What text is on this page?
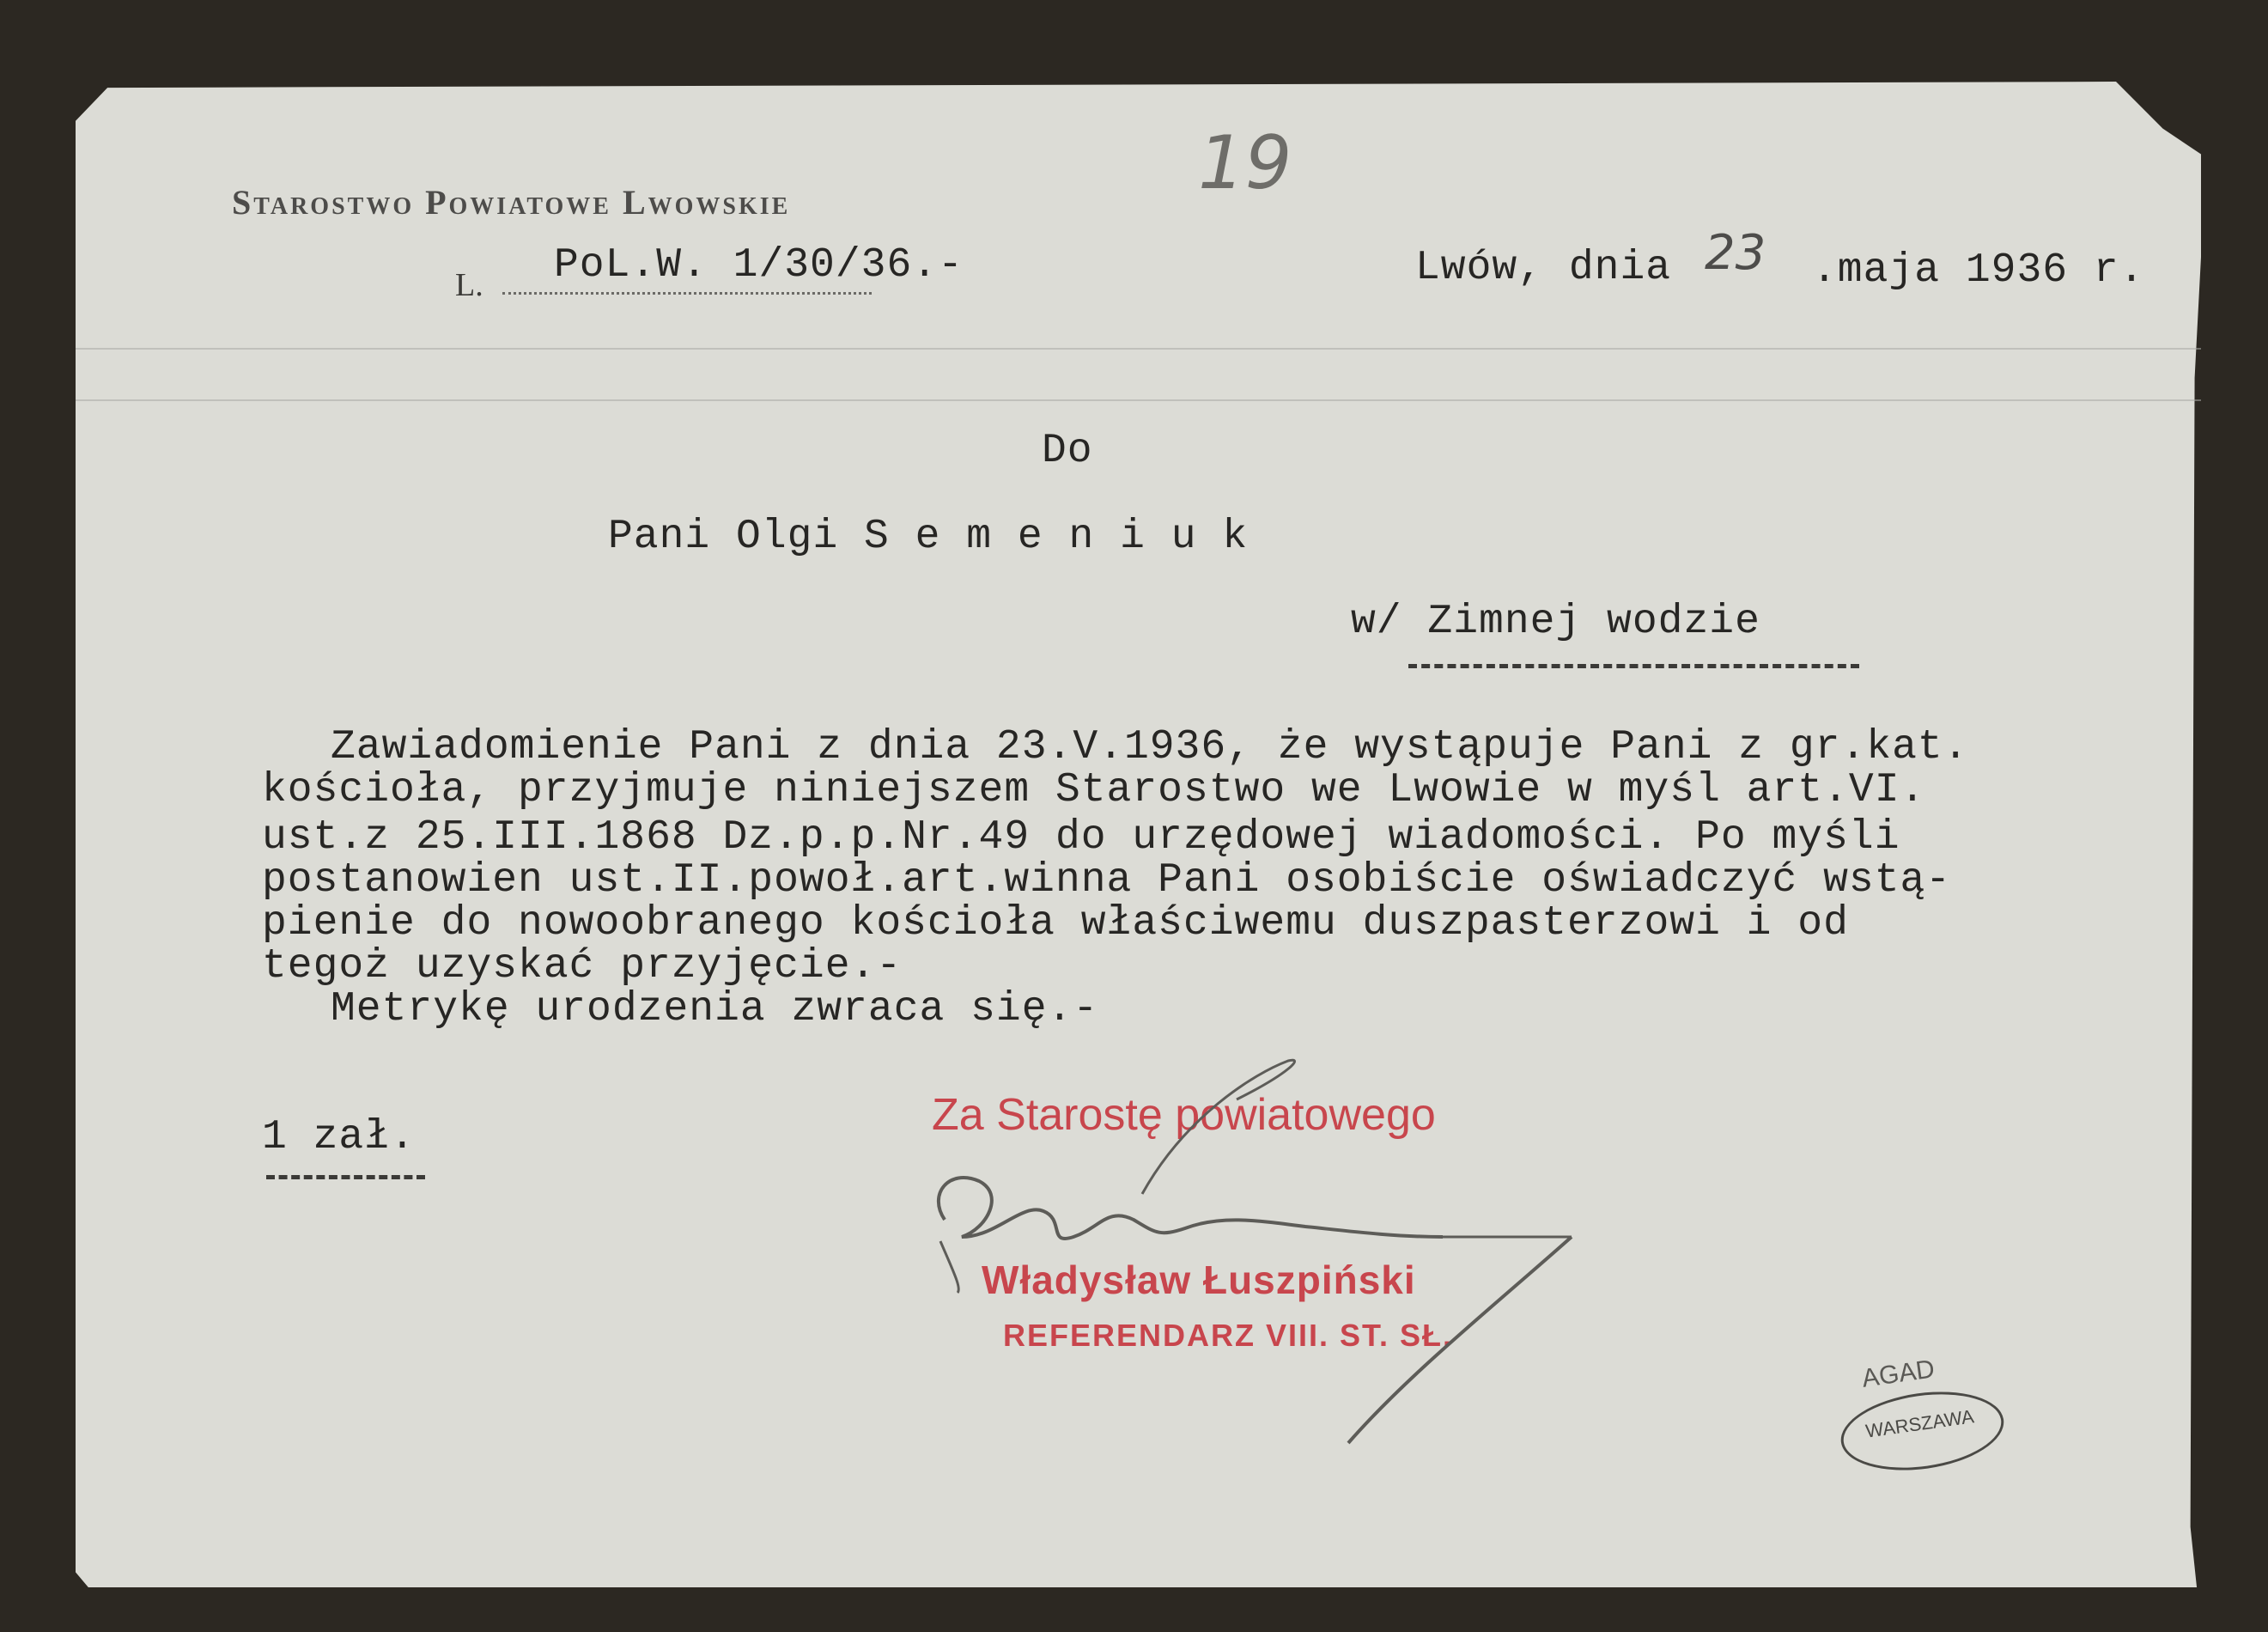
19
Starostwo Powiatowe Lwowskie
L. PoL.W. 1/30/36.-	Lwów, dnia 23 .maja 1936 r.
Do
Pani Olgi S e m e n i u k
w/ Zimnej wodzie
Zawiadomienie Pani z dnia 23.V.1936, że wystąpuje Pani z gr.kat.
kościoła, przyjmuje niniejszem Starostwo we Lwowie w myśl art.VI.
ust.z 25.III.1868 Dz.p.p.Nr.49 do urzędowej wiadomości. Po myśli
postanowien ust.II.powoł.art.winna Pani osobiście oświadczyć wstą-
pienie do nowoobranego kościoła właściwemu duszpasterzowi i od
tegoż uzyskać przyjęcie.-
Metrykę urodzenia zwraca się.-
1 zał.	Za Starostę powiatowego
Władysław Łuszpiński
REFERENDARZ VIII. ST. SŁ.
AGAD
WARSZAWA
